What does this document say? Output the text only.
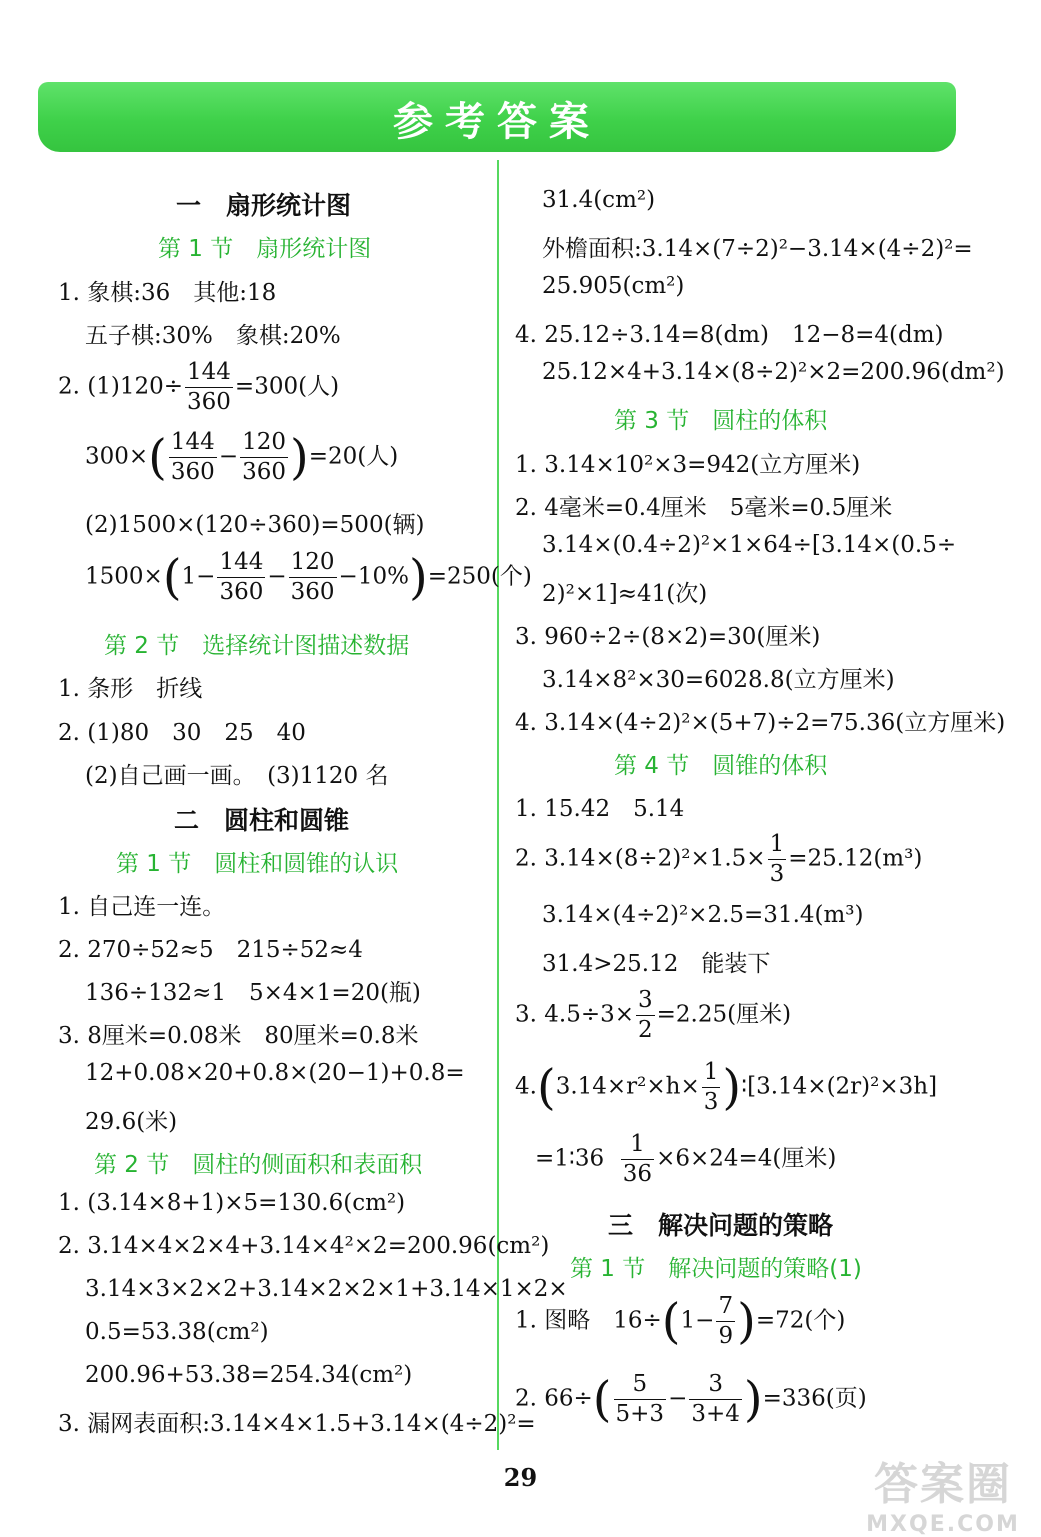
参考答案
一　扇形统计图
第 1 节　扇形统计图
1. 象棋:36　其他:18
五子棋:30%　象棋:20%
2. $(1)120\div \frac{144}{360} =300$(人)
$300\times( \frac{144}{360} - \frac{120}{360} )=20$(人)
(2)1500×(120÷360)=500(辆)
$1500\times(1- \frac{144}{360} - \frac{120}{360} -10\%)=250$(个)
第 2 节　选择统计图描述数据
1. 条形　折线
2. (1)80　30　25　40
(2)自己画一画。　(3)1120 名
二　圆柱和圆锥
第 1 节　圆柱和圆锥的认识
1. 自己连一连。
2. 270÷52≈5　215÷52≈4
136÷132≈1　5×4×1=20(瓶)
3. 8厘米=0.08米　80厘米=0.8米
12+0.08×20+0.8×(20−1)+0.8=
29.6(米)
第 2 节　圆柱的侧面积和表面积
1. (3.14×8+1)×5=130.6(cm²)
2. 3.14×4×2×4+3.14×4²×2=200.96(cm²)
3.14×3×2×2+3.14×2×2×1+3.14×1×2×
0.5=53.38(cm²)
200.96+53.38=254.34(cm²)
3. 漏网表面积:3.14×4×1.5+3.14×(4÷2)²=
31.4(cm²)
外檐面积:3.14×(7÷2)²−3.14×(4÷2)²=
25.905(cm²)
4. 25.12÷3.14=8(dm)　12−8=4(dm)
25.12×4+3.14×(8÷2)²×2=200.96(dm²)
第 3 节　圆柱的体积
1. 3.14×10²×3=942(立方厘米)
2. 4毫米=0.4厘米　5毫米=0.5厘米
3.14×(0.4÷2)²×1×64÷[3.14×(0.5÷
2)²×1]≈41(次)
3. 960÷2÷(8×2)=30(厘米)
3.14×8²×30=6028.8(立方厘米)
4. 3.14×(4÷2)²×(5+7)÷2=75.36(立方厘米)
第 4 节　圆锥的体积
1. 15.42　5.14
2. $3.14\times(8\div 2)^2\times 1.5\times \frac{1}{3} =25.12(m^3)$
3.14×(4÷2)²×2.5=31.4(m³)
31.4>25.12　能装下
3. $4.5\div 3\times \frac{3}{2} =2.25$(厘米)
$4.(3.14\times r^2\times h\times \frac{1}{3}$ )∶[3.14×(2r)²×3h]
=1∶36 $\frac{1}{36} \times 6\times 24=4$(厘米)
三　解决问题的策略
第 1 节　解决问题的策略(1)
1. 图略　$16\div(1- \frac{7}{9} )=72$(个)
2. $66\div( \frac{5}{5+3} - \frac{3}{3+4} )=336$(页)
29	答案圈
MXQE.COM
